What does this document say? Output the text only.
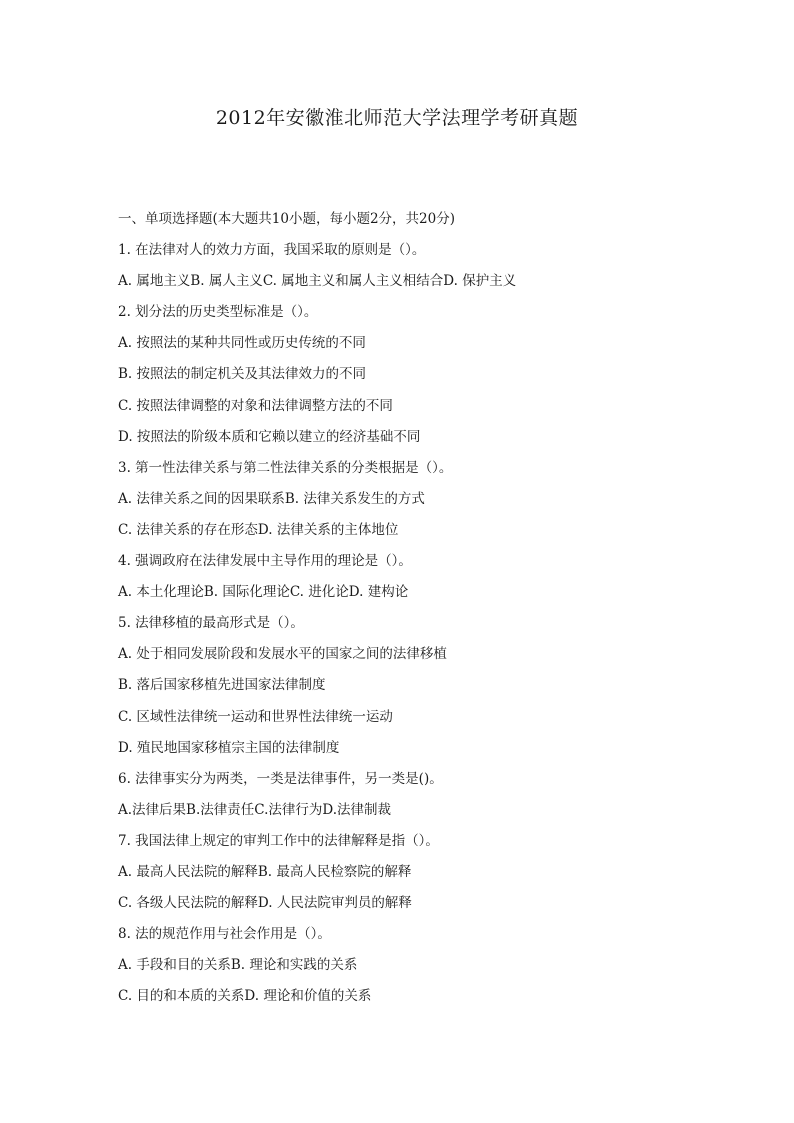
2012年安徽淮北师范大学法理学考研真题

一、单项选择题(本大题共10小题，每小题2分，共20分)

1. 在法律对人的效力方面，我国采取的原则是（）。

A. 属地主义B. 属人主义C. 属地主义和属人主义相结合D. 保护主义

2. 划分法的历史类型标准是（）。

A. 按照法的某种共同性或历史传统的不同

B. 按照法的制定机关及其法律效力的不同

C. 按照法律调整的对象和法律调整方法的不同

D. 按照法的阶级本质和它赖以建立的经济基础不同

3. 第一性法律关系与第二性法律关系的分类根据是（）。

A. 法律关系之间的因果联系B. 法律关系发生的方式

C. 法律关系的存在形态D. 法律关系的主体地位

4. 强调政府在法律发展中主导作用的理论是（）。

A. 本土化理论B. 国际化理论C. 进化论D. 建构论

5. 法律移植的最高形式是（）。

A. 处于相同发展阶段和发展水平的国家之间的法律移植

B. 落后国家移植先进国家法律制度

C. 区域性法律统一运动和世界性法律统一运动

D. 殖民地国家移植宗主国的法律制度

6. 法律事实分为两类，一类是法律事件，另一类是()。

A.法律后果B.法律责任C.法律行为D.法律制裁

7. 我国法律上规定的审判工作中的法律解释是指（）。

A. 最高人民法院的解释B. 最高人民检察院的解释

C. 各级人民法院的解释D. 人民法院审判员的解释

8. 法的规范作用与社会作用是（）。

A. 手段和目的关系B. 理论和实践的关系

C. 目的和本质的关系D. 理论和价值的关系
